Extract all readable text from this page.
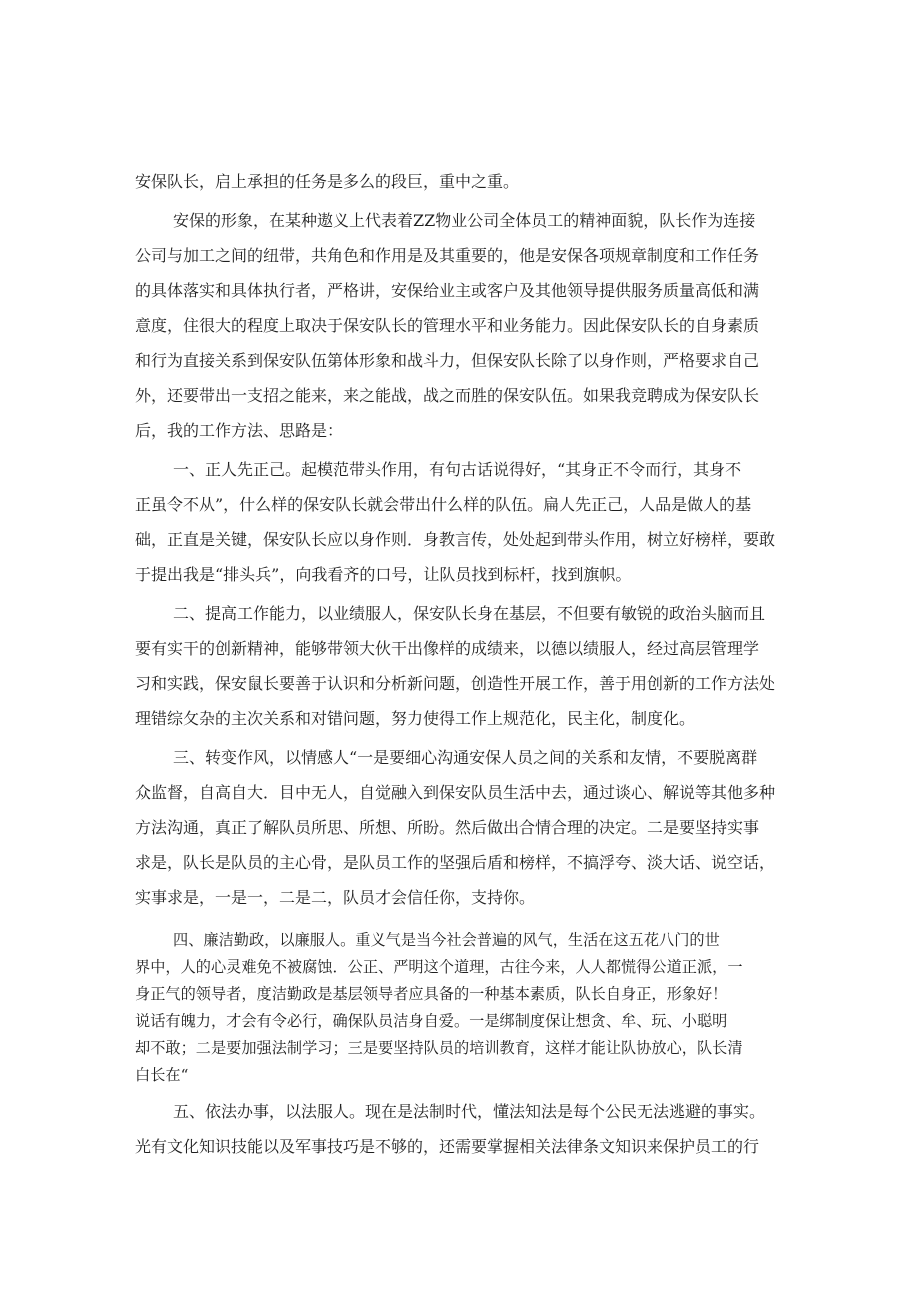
安保队长，启上承担的任务是多么的段巨，重中之重。
安保的形象，在某种遨义上代表着ZZ物业公司全体员工的精神面貌，队长作为连接
公司与加工之间的纽带，共角色和作用是及其重要的，他是安保各项规章制度和工作任务
的具体落实和具体执行者，严格讲，安保给业主或客户及其他领导提供服务质量高低和满
意度，住很大的程度上取决于保安队长的管理水平和业务能力。因此保安队长的自身素质
和行为直接关系到保安队伍第体形象和战斗力，但保安队长除了以身作则，严格要求自己
外，还要带出一支招之能来，来之能战，战之而胜的保安队伍。如果我竞聘成为保安队长
后，我的工作方法、思路是：
一、正人先正己。起模范带头作用，有句古话说得好，“其身正不令而行，其身不
正虽令不从”，什么样的保安队长就会带出什么样的队伍。扁人先正己，人品是做人的基
础，正直是关键，保安队长应以身作则．身教言传，处处起到带头作用，树立好榜样，要敢
于提出我是“排头兵”，向我看齐的口号，让队员找到标杆，找到旗帜。
二、提高工作能力，以业绩服人，保安队长身在基层，不但要有敏锐的政治头脑而且
要有实干的创新精神，能够带领大伙干出像样的成绩来，以德以绩服人，经过高层管理学
习和实践，保安鼠长要善于认识和分析新问题，创造性开展工作，善于用创新的工作方法处
理错综攵杂的主次关系和对错问题，努力使得工作上规范化，民主化，制度化。
三、转变作风，以情感人“一是要细心沟通安保人员之间的关系和友情，不要脱离群
众监督，自高自大．目中无人，自觉融入到保安队员生活中去，通过谈心、解说等其他多种
方法沟通，真正了解队员所思、所想、所盼。然后做出合情合理的决定。二是要坚持实事
求是，队长是队员的主心骨，是队员工作的坚强后盾和榜样，不搞浮夸、淡大话、说空话，
实事求是，一是一，二是二，队员才会信任你，支持你。
四、廉洁勤政，以廉服人。重义气是当今社会普遍的风气，生活在这五花八门的世
界中，人的心灵难免不被腐蚀．公正、严明这个道理，古往今来，人人都慌得公道正派，一
身正气的领导者，度洁勤政是基层领导者应具备的一种基本素质，队长自身正，形象好！
说话有魄力，才会有令必行，确保队员洁身自爱。一是绑制度保让想贪、牟、玩、小聪明
却不敢；二是要加强法制学习；三是要坚持队员的培训教育，这样才能让队协放心，队长清
白长在“
五、依法办事，以法服人。现在是法制时代，懂法知法是每个公民无法逃避的事实。
光有文化知识技能以及军事技巧是不够的，还需要掌握相关法律条文知识来保护员工的行
